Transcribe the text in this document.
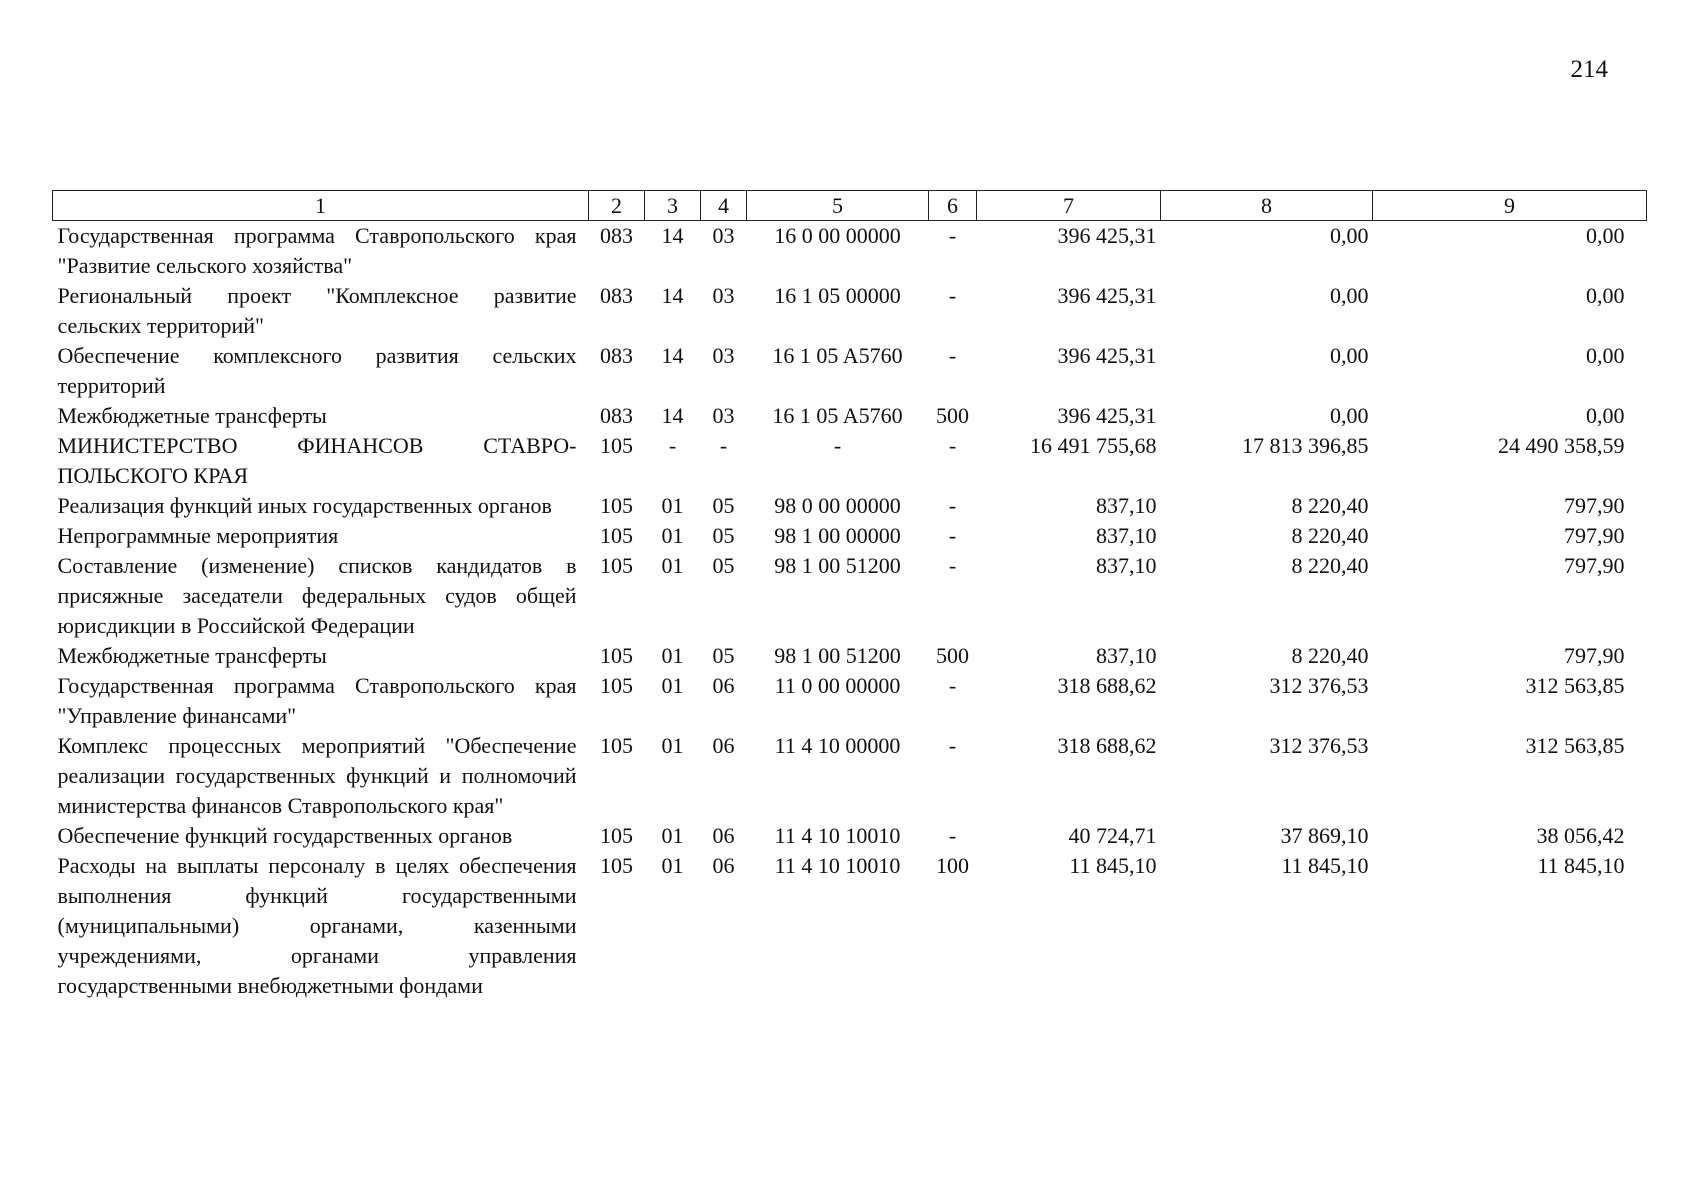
214
1	2	3	4	5	6	7	8	9
Государственная программа Ставропольского края "Развитие сельского хозяйства"	083	14	03	16 0 00 00000	-	396 425,31	0,00	0,00
Региональный проект "Комплексное развитие сельских территорий"	083	14	03	16 1 05 00000	-	396 425,31	0,00	0,00
Обеспечение комплексного развития сельских территорий	083	14	03	16 1 05 A5760	-	396 425,31	0,00	0,00
Межбюджетные трансферты	083	14	03	16 1 05 A5760	500	396 425,31	0,00	0,00
МИНИСТЕРСТВО ФИНАНСОВ СТАВРО-ПОЛЬСКОГО КРАЯ	105	-	-	-	-	16 491 755,68	17 813 396,85	24 490 358,59
Реализация функций иных государственных органов	105	01	05	98 0 00 00000	-	837,10	8 220,40	797,90
Непрограммные мероприятия	105	01	05	98 1 00 00000	-	837,10	8 220,40	797,90
Составление (изменение) списков кандидатов в присяжные заседатели федеральных судов общей юрисдикции в Российской Федерации	105	01	05	98 1 00 51200	-	837,10	8 220,40	797,90
Межбюджетные трансферты	105	01	05	98 1 00 51200	500	837,10	8 220,40	797,90
Государственная программа Ставропольского края "Управление финансами"	105	01	06	11 0 00 00000	-	318 688,62	312 376,53	312 563,85
Комплекс процессных мероприятий "Обеспечение реализации государственных функций и полномочий министерства финансов Ставропольского края"	105	01	06	11 4 10 00000	-	318 688,62	312 376,53	312 563,85
Обеспечение функций государственных органов	105	01	06	11 4 10 10010	-	40 724,71	37 869,10	38 056,42
Расходы на выплаты персоналу в целях обеспечения выполнения функций государственными (муниципальными) органами, казенными учреждениями, органами управления государственными внебюджетными фондами	105	01	06	11 4 10 10010	100	11 845,10	11 845,10	11 845,10
